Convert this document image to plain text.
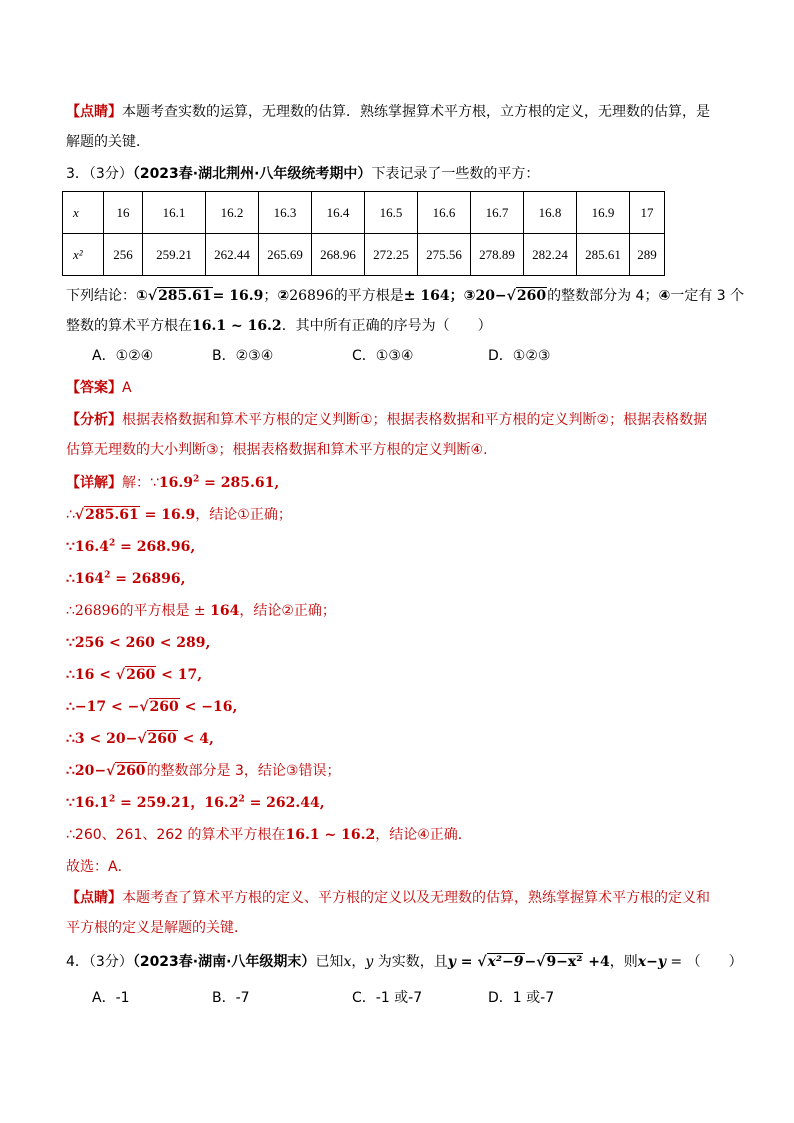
【点睛】本题考查实数的运算，无理数的估算．熟练掌握算术平方根，立方根的定义，无理数的估算，是
解题的关键．
3．（3分）（2023春·湖北荆州·八年级统考期中）下表记录了一些数的平方：
x	16	16.1	16.2	16.3	16.4	16.5	16.6	16.7	16.8	16.9	17
x²	256	259.21	262.44	265.69	268.96	272.25	275.56	278.89	282.24	285.61	289
下列结论：①√285.61= 16.9；②26896的平方根是± 164；③20−√260的整数部分为 4；④一定有 3 个
整数的算术平方根在16.1 ~ 16.2．其中所有正确的序号为（　　）
A．①②④	B．②③④	C．①③④	D．①②③
【答案】A
【分析】根据表格数据和算术平方根的定义判断①；根据表格数据和平方根的定义判断②；根据表格数据
估算无理数的大小判断③；根据表格数据和算术平方根的定义判断④.
【详解】解：$\because 16.9^2 = 285.61$,
∴√285.61 = 16.9，结论①正确；
$\because 16.4^2 = 268.96$,
$\therefore 164^2 = 26896$,
∴26896的平方根是 ± 164，结论②正确；
∵256 < 260 < 289,
∴16 < √260 < 17,
∴−17 < −√260 < −16,
∴3 < 20−√260 < 4,
∴20−√260的整数部分是 3，结论③错误；
$\because 16.1^2 = 259.21$，$16.2^2 = 262.44$,
∴260、261、262 的算术平方根在16.1 ~ 16.2，结论④正确．
故选：A．
【点睛】本题考查了算术平方根的定义、平方根的定义以及无理数的估算，熟练掌握算术平方根的定义和
平方根的定义是解题的关键．
4．（3分）（2023春·湖南·八年级期末）已知x，y 为实数，且y = √x²−9−√9−x² +4，则x−y = （　　）
A．-1	B．-7	C．-1 或-7	D．1 或-7
